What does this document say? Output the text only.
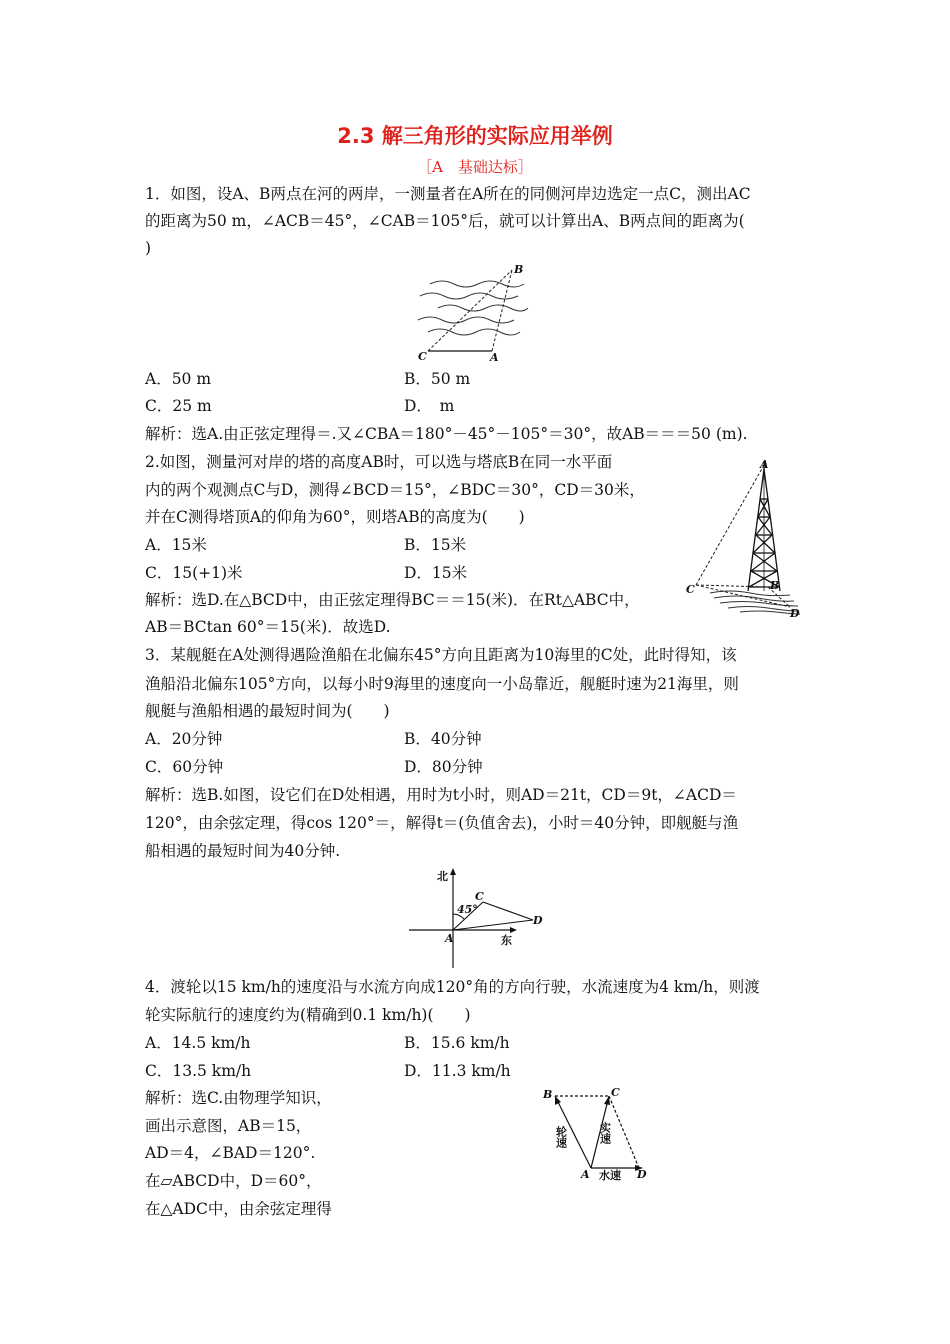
2.3 解三角形的实际应用举例
［A　基础达标］
1．如图，设A、B两点在河的两岸，一测量者在A所在的同侧河岸边选定一点C，测出AC
的距离为50 m，∠ACB＝45°，∠CAB＝105°后，就可以计算出A、B两点间的距离为(
)
B
C	A
A．50 m	B．50 m
C．25 m	D．　m
解析：选A.由正弦定理得＝.又∠CBA＝180°－45°－105°＝30°，故AB＝＝＝50 (m).
2.如图，测量河对岸的塔的高度AB时，可以选与塔底B在同一水平面
内的两个观测点C与D，测得∠BCD＝15°，∠BDC＝30°，CD＝30米，
并在C测得塔顶A的仰角为60°，则塔AB的高度为(　　)
A．15米	B．15米
C．15(+1)米	D．15米
解析：选D.在△BCD中，由正弦定理得BC＝＝15(米)．在Rt△ABC中，
AB＝BCtan 60°＝15(米)．故选D.
A
B
C
D
3．某舰艇在A处测得遇险渔船在北偏东45°方向且距离为10海里的C处，此时得知，该
渔船沿北偏东105°方向，以每小时9海里的速度向一小岛靠近，舰艇时速为21海里，则
舰艇与渔船相遇的最短时间为(　　)
A．20分钟	B．40分钟
C．60分钟	D．80分钟
解析：选B.如图，设它们在D处相遇，用时为t小时，则AD＝21t，CD＝9t，∠ACD＝
120°，由余弦定理，得cos 120°＝，解得t＝(负值舍去)，小时＝40分钟，即舰艇与渔
船相遇的最短时间为40分钟.
北
东
45°
A
C
D
4．渡轮以15 km/h的速度沿与水流方向成120°角的方向行驶，水流速度为4 km/h，则渡
轮实际航行的速度约为(精确到0.1 km/h)(　　)
A．14.5 km/h	B．15.6 km/h
C．13.5 km/h	D．11.3 km/h
解析：选C.由物理学知识，
画出示意图，AB＝15，
AD＝4，∠BAD＝120°.
在▱ABCD中，D＝60°，
在△ADC中，由余弦定理得
B	C
A	D
轮速	实速
水速
